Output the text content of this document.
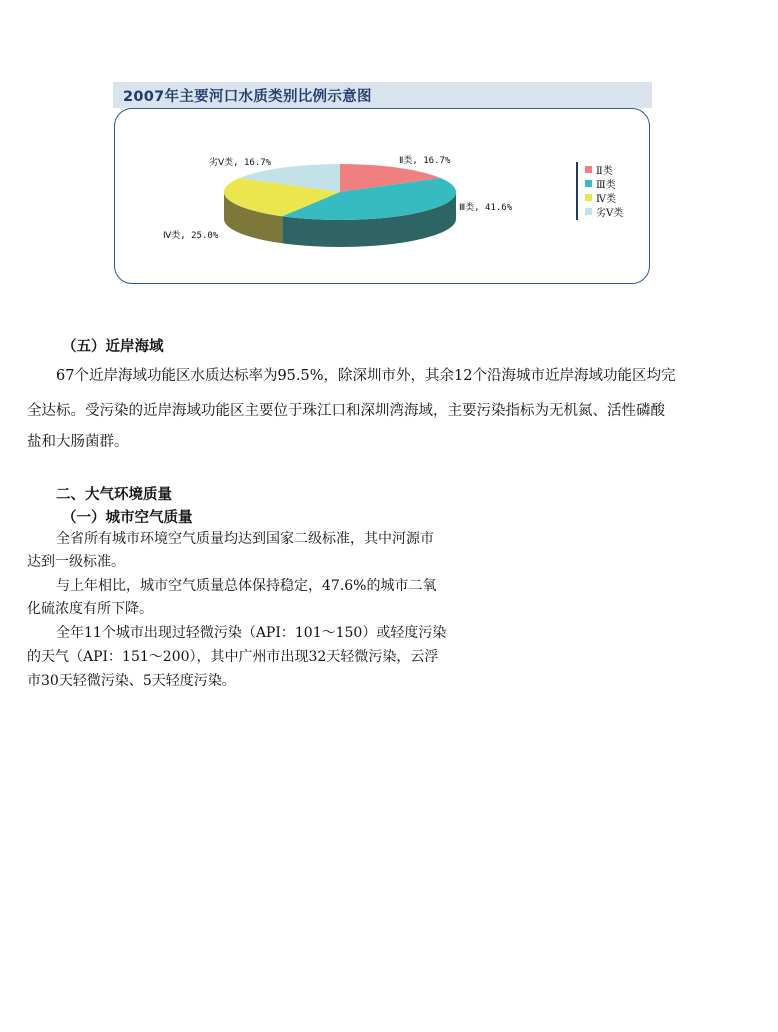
2007年主要河口水质类别比例示意图
Ⅱ类, 16.7%
Ⅲ类, 41.6%
Ⅳ类, 25.0%
劣Ⅴ类, 16.7%
Ⅱ类
Ⅲ类
Ⅳ类
劣Ⅴ类
（五）近岸海域
67个近岸海域功能区水质达标率为95.5%，除深圳市外，其余12个沿海城市近岸海域功能区均完
全达标。受污染的近岸海域功能区主要位于珠江口和深圳湾海域，主要污染指标为无机氮、活性磷酸
盐和大肠菌群。
二、大气环境质量
（一）城市空气质量
全省所有城市环境空气质量均达到国家二级标准，其中河源市
达到一级标准。
与上年相比，城市空气质量总体保持稳定，47.6%的城市二氧
化硫浓度有所下降。
全年11个城市出现过轻微污染（API：101～150）或轻度污染
的天气（API：151～200），其中广州市出现32天轻微污染，云浮
市30天轻微污染、5天轻度污染。
